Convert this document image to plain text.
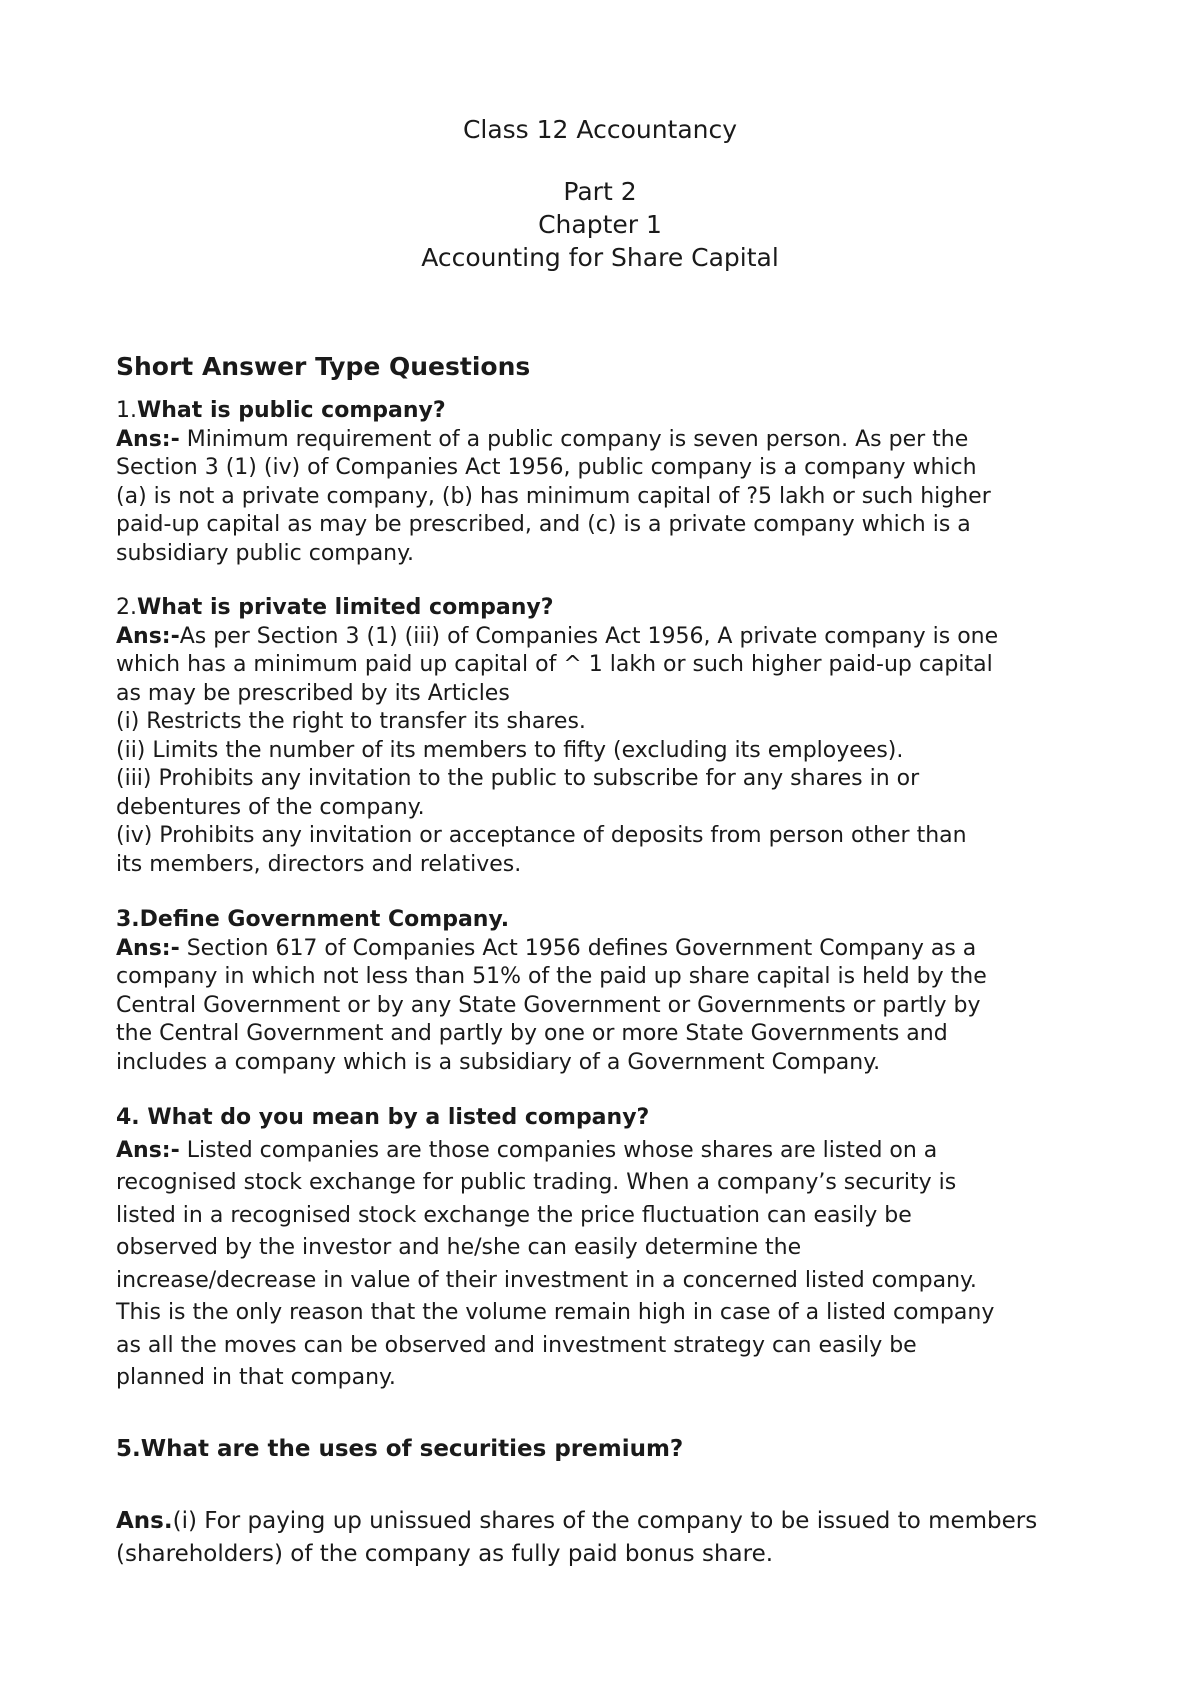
Class 12 Accountancy
Part 2
Chapter 1
Accounting for Share Capital
Short Answer Type Questions

1.What is public company?

Ans:- Minimum requirement of a public company is seven person. As per the

Section 3 (1) (iv) of Companies Act 1956, public company is a company which

(a) is not a private company, (b) has minimum capital of ?5 lakh or such higher

paid-up capital as may be prescribed, and (c) is a private company which is a

subsidiary public company.

2.What is private limited company?

Ans:-As per Section 3 (1) (iii) of Companies Act 1956, A private company is one

which has a minimum paid up capital of ^ 1 lakh or such higher paid-up capital

as may be prescribed by its Articles

(i) Restricts the right to transfer its shares.

(ii) Limits the number of its members to fifty (excluding its employees).

(iii) Prohibits any invitation to the public to subscribe for any shares in or

debentures of the company.

(iv) Prohibits any invitation or acceptance of deposits from person other than

its members, directors and relatives.

3.Define Government Company.

Ans:- Section 617 of Companies Act 1956 defines Government Company as a

company in which not less than 51% of the paid up share capital is held by the

Central Government or by any State Government or Governments or partly by

the Central Government and partly by one or more State Governments and

includes a company which is a subsidiary of a Government Company.

4. What do you mean by a listed company?

Ans:- Listed companies are those companies whose shares are listed on a

recognised stock exchange for public trading. When a company’s security is

listed in a recognised stock exchange the price fluctuation can easily be

observed by the investor and he/she can easily determine the

increase/decrease in value of their investment in a concerned listed company.

This is the only reason that the volume remain high in case of a listed company

as all the moves can be observed and investment strategy can easily be

planned in that company.

5.What are the uses of securities premium?

Ans.(i) For paying up unissued shares of the company to be issued to members

(shareholders) of the company as fully paid bonus share.
